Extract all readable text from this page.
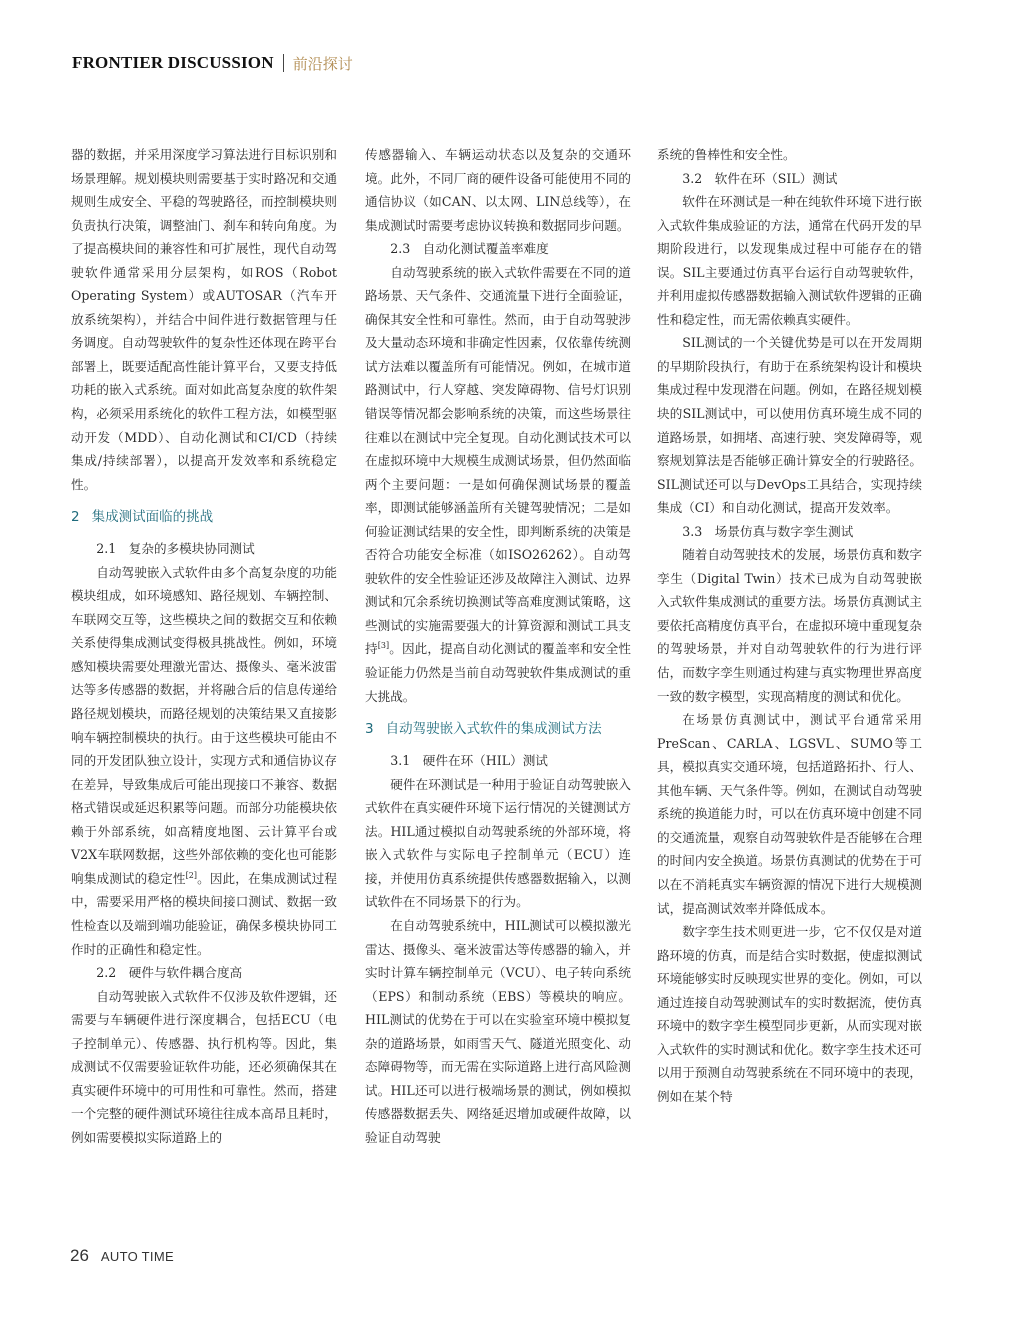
FRONTIER DISCUSSION 前沿探讨

器的数据，并采用深度学习算法进行目标识别和场景理解。规划模块则需要基于实时路况和交通规则生成安全、平稳的驾驶路径，而控制模块则负责执行决策，调整油门、刹车和转向角度。为了提高模块间的兼容性和可扩展性，现代自动驾驶软件通常采用分层架构，如ROS（Robot Operating System）或AUTOSAR（汽车开放系统架构），并结合中间件进行数据管理与任务调度。自动驾驶软件的复杂性还体现在跨平台部署上，既要适配高性能计算平台，又要支持低功耗的嵌入式系统。面对如此高复杂度的软件架构，必须采用系统化的软件工程方法，如模型驱动开发（MDD）、自动化测试和CI/CD（持续集成/持续部署），以提高开发效率和系统稳定性。

2 集成测试面临的挑战
2.1　复杂的多模块协同测试

自动驾驶嵌入式软件由多个高复杂度的功能模块组成，如环境感知、路径规划、车辆控制、车联网交互等，这些模块之间的数据交互和依赖关系使得集成测试变得极具挑战性。例如，环境感知模块需要处理激光雷达、摄像头、毫米波雷达等多传感器的数据，并将融合后的信息传递给路径规划模块，而路径规划的决策结果又直接影响车辆控制模块的执行。由于这些模块可能由不同的开发团队独立设计，实现方式和通信协议存在差异，导致集成后可能出现接口不兼容、数据格式错误或延迟积累等问题。而部分功能模块依赖于外部系统，如高精度地图、云计算平台或V2X车联网数据，这些外部依赖的变化也可能影响集成测试的稳定性[2]。因此，在集成测试过程中，需要采用严格的模块间接口测试、数据一致性检查以及端到端功能验证，确保多模块协同工作时的正确性和稳定性。

2.2　硬件与软件耦合度高

自动驾驶嵌入式软件不仅涉及软件逻辑，还需要与车辆硬件进行深度耦合，包括ECU（电子控制单元）、传感器、执行机构等。因此，集成测试不仅需要验证软件功能，还必须确保其在真实硬件环境中的可用性和可靠性。然而，搭建一个完整的硬件测试环境往往成本高昂且耗时，例如需要模拟实际道路上的

传感器输入、车辆运动状态以及复杂的交通环境。此外，不同厂商的硬件设备可能使用不同的通信协议（如CAN、以太网、LIN总线等），在集成测试时需要考虑协议转换和数据同步问题。

2.3　自动化测试覆盖率难度

自动驾驶系统的嵌入式软件需要在不同的道路场景、天气条件、交通流量下进行全面验证，确保其安全性和可靠性。然而，由于自动驾驶涉及大量动态环境和非确定性因素，仅依靠传统测试方法难以覆盖所有可能情况。例如，在城市道路测试中，行人穿越、突发障碍物、信号灯识别错误等情况都会影响系统的决策，而这些场景往往难以在测试中完全复现。自动化测试技术可以在虚拟环境中大规模生成测试场景，但仍然面临两个主要问题：一是如何确保测试场景的覆盖率，即测试能够涵盖所有关键驾驶情况；二是如何验证测试结果的安全性，即判断系统的决策是否符合功能安全标准（如ISO26262）。自动驾驶软件的安全性验证还涉及故障注入测试、边界测试和冗余系统切换测试等高难度测试策略，这些测试的实施需要强大的计算资源和测试工具支持[3]。因此，提高自动化测试的覆盖率和安全性验证能力仍然是当前自动驾驶软件集成测试的重大挑战。

3 自动驾驶嵌入式软件的集成测试方法
3.1　硬件在环（HIL）测试

硬件在环测试是一种用于验证自动驾驶嵌入式软件在真实硬件环境下运行情况的关键测试方法。HIL通过模拟自动驾驶系统的外部环境，将嵌入式软件与实际电子控制单元（ECU）连接，并使用仿真系统提供传感器数据输入，以测试软件在不同场景下的行为。

在自动驾驶系统中，HIL测试可以模拟激光雷达、摄像头、毫米波雷达等传感器的输入，并实时计算车辆控制单元（VCU）、电子转向系统（EPS）和制动系统（EBS）等模块的响应。HIL测试的优势在于可以在实验室环境中模拟复杂的道路场景，如雨雪天气、隧道光照变化、动态障碍物等，而无需在实际道路上进行高风险测试。HIL还可以进行极端场景的测试，例如模拟传感器数据丢失、网络延迟增加或硬件故障，以验证自动驾驶

系统的鲁棒性和安全性。

3.2　软件在环（SIL）测试

软件在环测试是一种在纯软件环境下进行嵌入式软件集成验证的方法，通常在代码开发的早期阶段进行，以发现集成过程中可能存在的错误。SIL主要通过仿真平台运行自动驾驶软件，并利用虚拟传感器数据输入测试软件逻辑的正确性和稳定性，而无需依赖真实硬件。

SIL测试的一个关键优势是可以在开发周期的早期阶段执行，有助于在系统架构设计和模块集成过程中发现潜在问题。例如，在路径规划模块的SIL测试中，可以使用仿真环境生成不同的道路场景，如拥堵、高速行驶、突发障碍等，观察规划算法是否能够正确计算安全的行驶路径。SIL测试还可以与DevOps工具结合，实现持续集成（CI）和自动化测试，提高开发效率。

3.3　场景仿真与数字孪生测试

随着自动驾驶技术的发展，场景仿真和数字孪生（Digital Twin）技术已成为自动驾驶嵌入式软件集成测试的重要方法。场景仿真测试主要依托高精度仿真平台，在虚拟环境中重现复杂的驾驶场景，并对自动驾驶软件的行为进行评估，而数字孪生则通过构建与真实物理世界高度一致的数字模型，实现高精度的测试和优化。

在场景仿真测试中，测试平台通常采用PreScan、CARLA、LGSVL、SUMO等工具，模拟真实交通环境，包括道路拓扑、行人、其他车辆、天气条件等。例如，在测试自动驾驶系统的换道能力时，可以在仿真环境中创建不同的交通流量，观察自动驾驶软件是否能够在合理的时间内安全换道。场景仿真测试的优势在于可以在不消耗真实车辆资源的情况下进行大规模测试，提高测试效率并降低成本。

数字孪生技术则更进一步，它不仅仅是对道路环境的仿真，而是结合实时数据，使虚拟测试环境能够实时反映现实世界的变化。例如，可以通过连接自动驾驶测试车的实时数据流，使仿真环境中的数字孪生模型同步更新，从而实现对嵌入式软件的实时测试和优化。数字孪生技术还可以用于预测自动驾驶系统在不同环境中的表现，例如在某个特

26 AUTO TIME
